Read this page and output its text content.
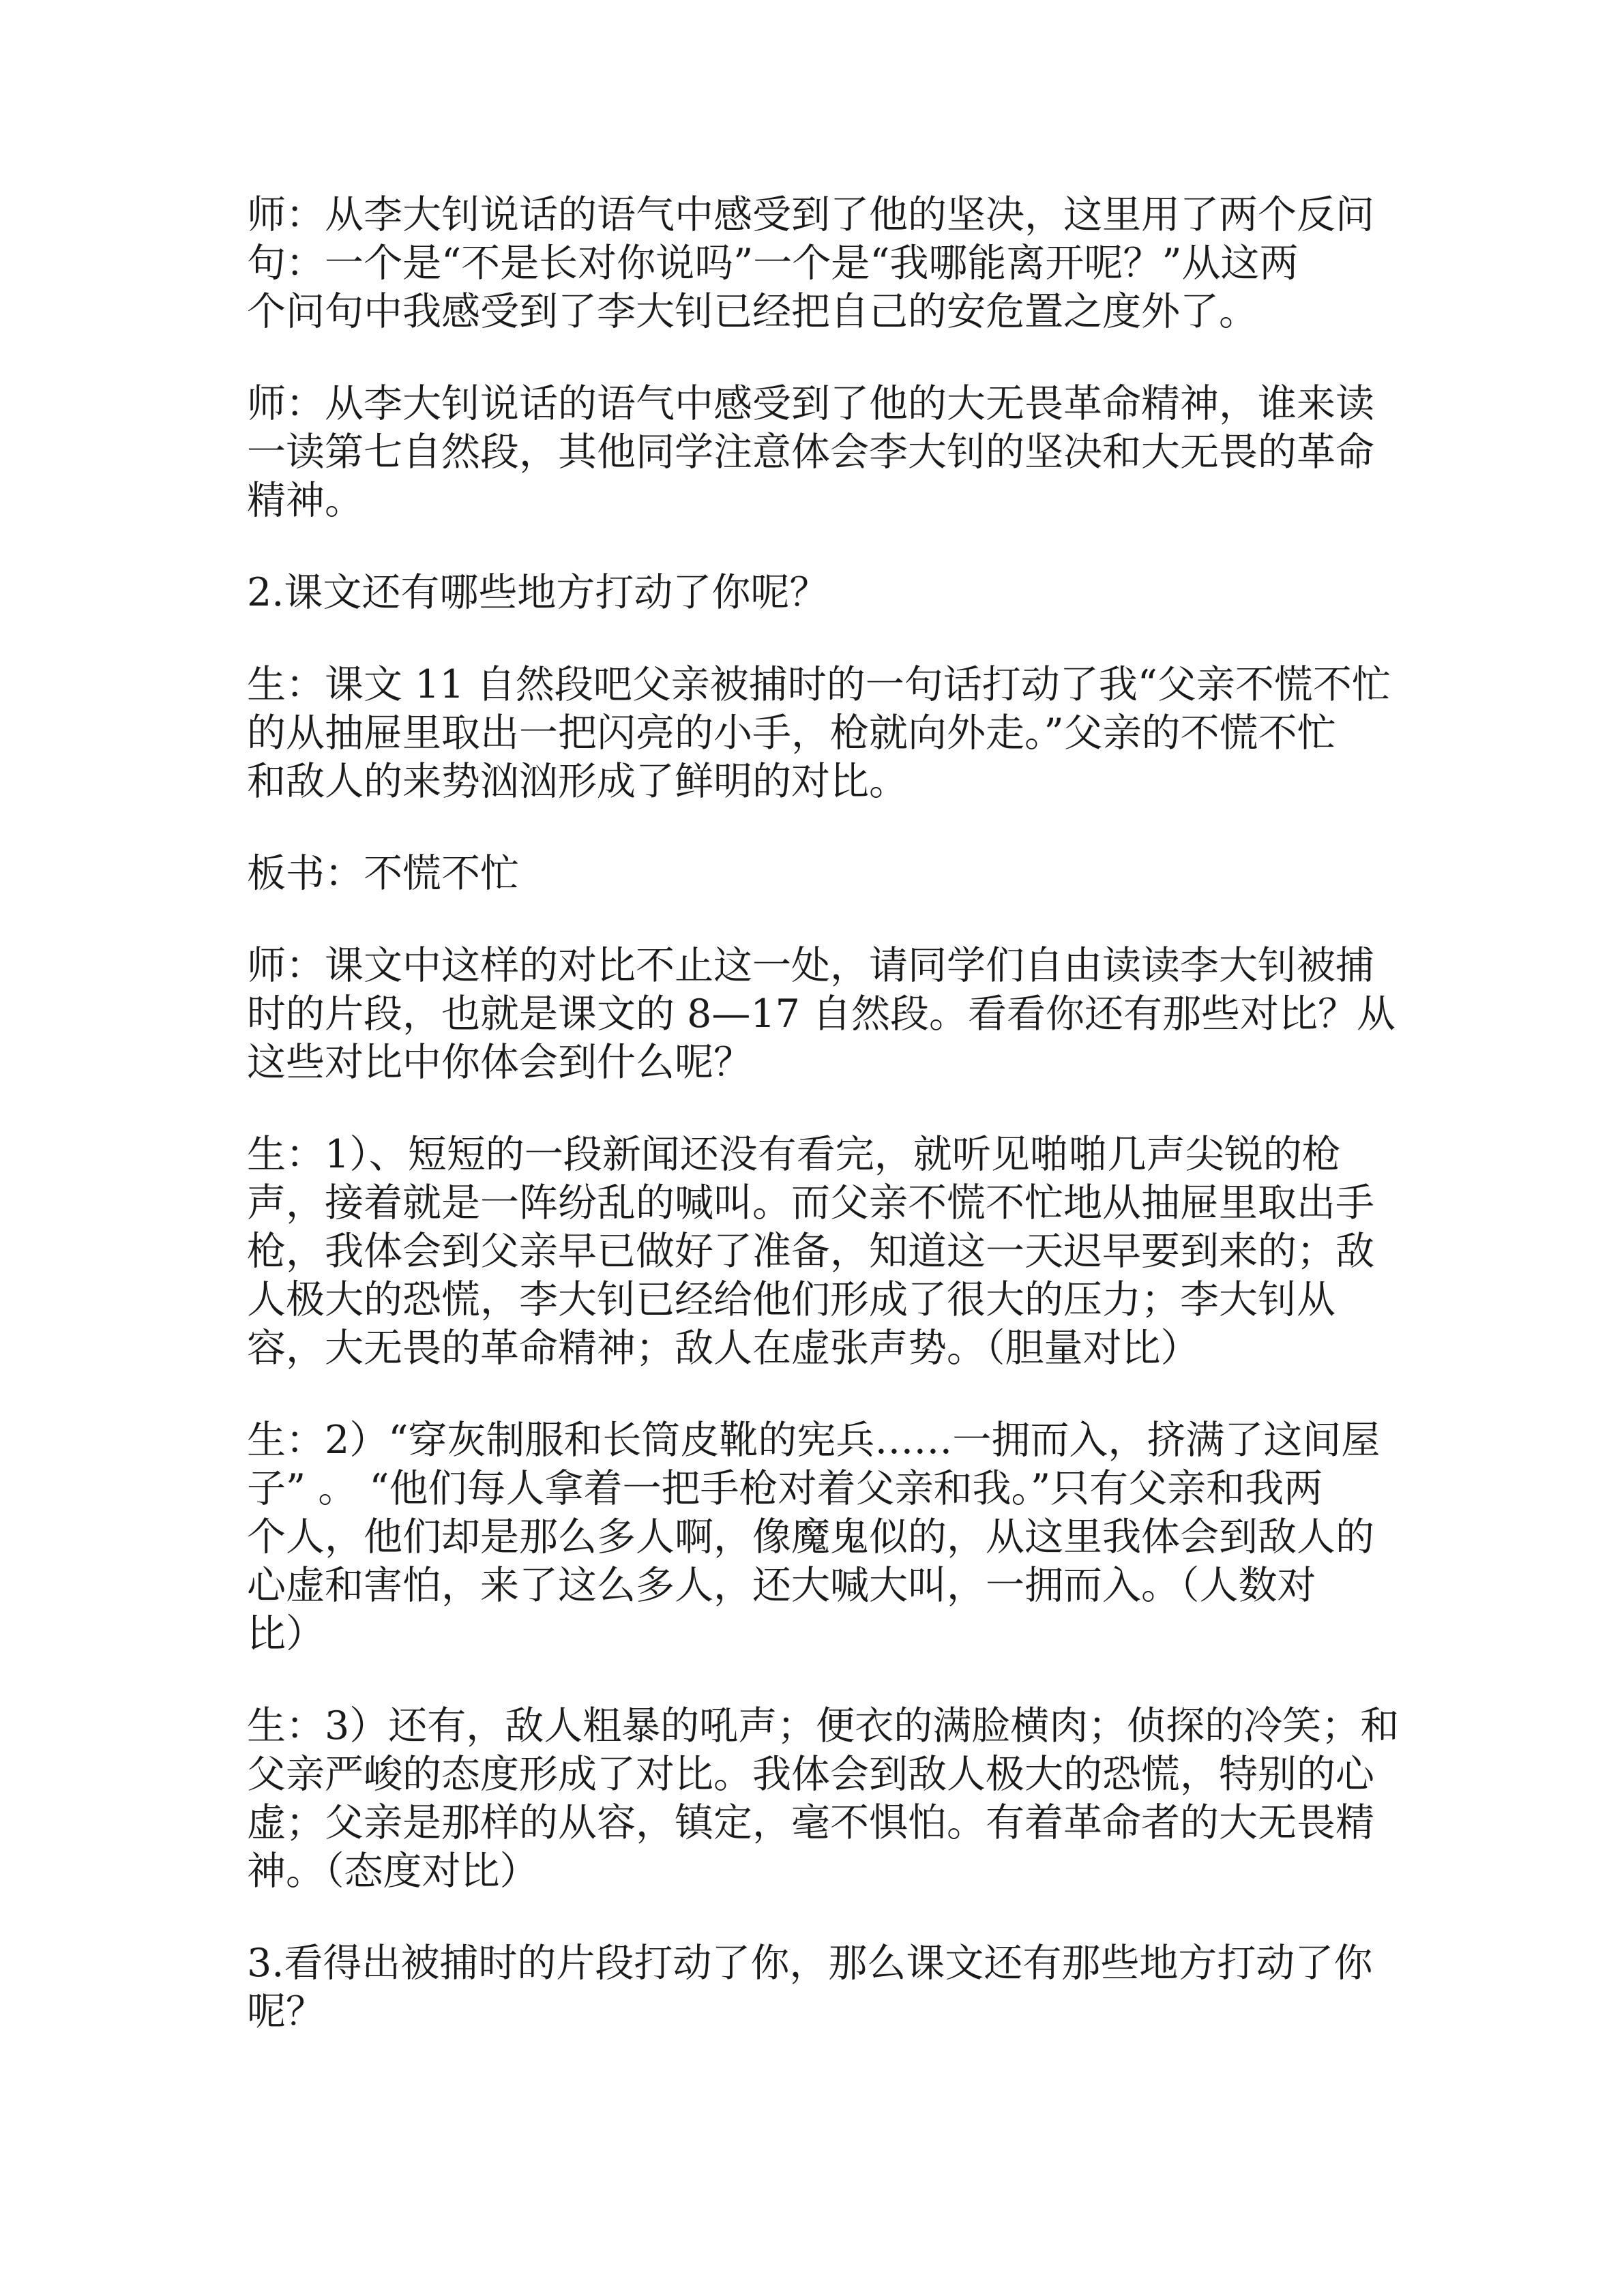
师：从李大钊说话的语气中感受到了他的坚决，这里用了两个反问
句：一个是“不是长对你说吗”一个是“我哪能离开呢？”从这两
个问句中我感受到了李大钊已经把自己的安危置之度外了。

师：从李大钊说话的语气中感受到了他的大无畏革命精神，谁来读
一读第七自然段，其他同学注意体会李大钊的坚决和大无畏的革命
精神。

2.课文还有哪些地方打动了你呢？

生：课文 11 自然段吧父亲被捕时的一句话打动了我“父亲不慌不忙
的从抽屉里取出一把闪亮的小手，枪就向外走。”父亲的不慌不忙
和敌人的来势汹汹形成了鲜明的对比。

板书：不慌不忙

师：课文中这样的对比不止这一处，请同学们自由读读李大钊被捕
时的片段，也就是课文的 8—17 自然段。看看你还有那些对比？从
这些对比中你体会到什么呢？

生：1）、短短的一段新闻还没有看完，就听见啪啪几声尖锐的枪
声，接着就是一阵纷乱的喊叫。而父亲不慌不忙地从抽屉里取出手
枪，我体会到父亲早已做好了准备，知道这一天迟早要到来的；敌
人极大的恐慌，李大钊已经给他们形成了很大的压力；李大钊从
容，大无畏的革命精神；敌人在虚张声势。（胆量对比）

生：2）“穿灰制服和长筒皮靴的宪兵……一拥而入，挤满了这间屋
子” 。 “他们每人拿着一把手枪对着父亲和我。”只有父亲和我两
个人，他们却是那么多人啊，像魔鬼似的，从这里我体会到敌人的
心虚和害怕，来了这么多人，还大喊大叫，一拥而入。（人数对
比）

生：3）还有，敌人粗暴的吼声；便衣的满脸横肉；侦探的冷笑；和
父亲严峻的态度形成了对比。我体会到敌人极大的恐慌，特别的心
虚；父亲是那样的从容，镇定，毫不惧怕。有着革命者的大无畏精
神。（态度对比）

3.看得出被捕时的片段打动了你，那么课文还有那些地方打动了你
呢？
